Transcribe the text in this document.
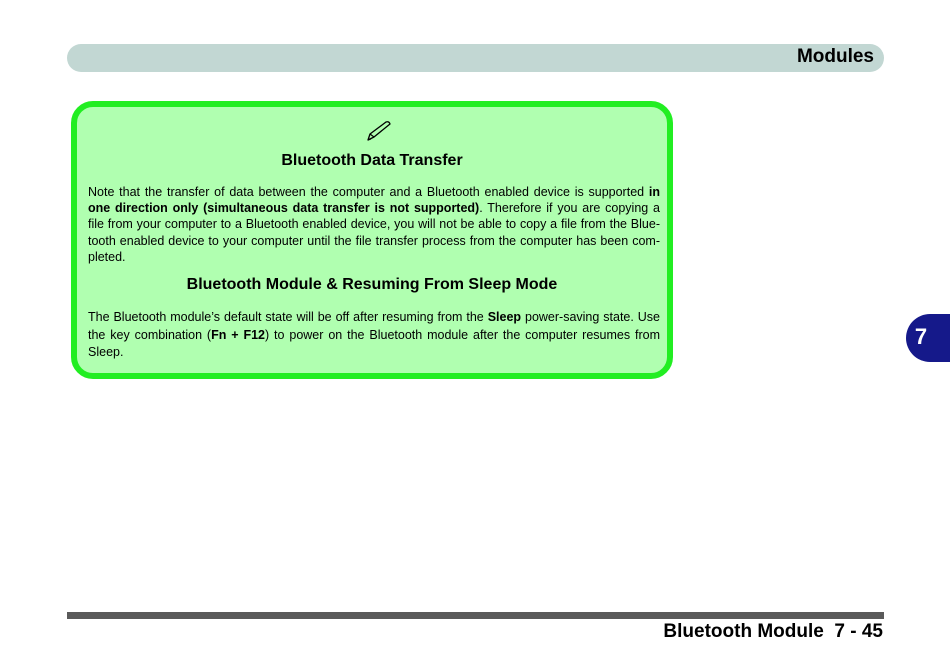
Modules
Bluetooth Data Transfer
Note that the transfer of data between the computer and a Bluetooth enabled device is supported in one direction only (simultaneous data transfer is not supported). Therefore if you are copying a file from your computer to a Bluetooth enabled device, you will not be able to copy a file from the Blue-tooth enabled device to your computer until the file transfer process from the computer has been com-pleted.
Bluetooth Module & Resuming From Sleep Mode
The Bluetooth module’s default state will be off after resuming from the Sleep power-saving state. Use the key combination (Fn + F12) to power on the Bluetooth module after the computer resumes from Sleep.
7
Bluetooth Module 7 - 45
